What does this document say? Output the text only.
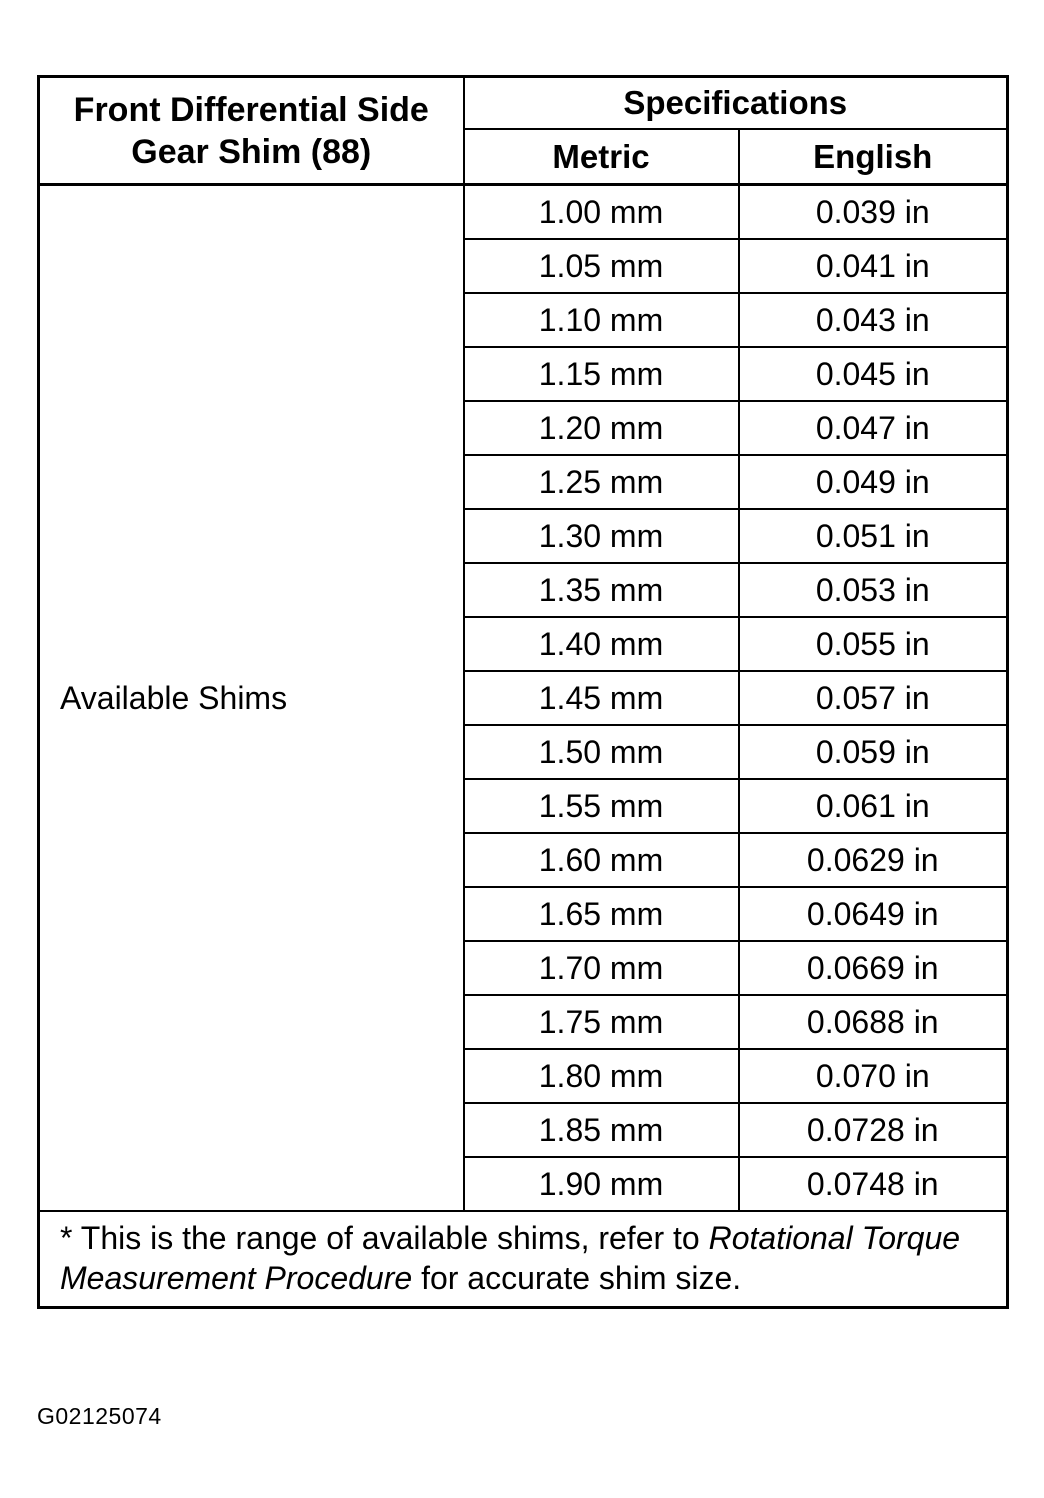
Front Differential Side Gear Shim (88)	Specifications	
	Metric	English
Available Shims	1.00 mm	0.039 in
	1.05 mm	0.041 in
	1.10 mm	0.043 in
	1.15 mm	0.045 in
	1.20 mm	0.047 in
	1.25 mm	0.049 in
	1.30 mm	0.051 in
	1.35 mm	0.053 in
	1.40 mm	0.055 in
	1.45 mm	0.057 in
	1.50 mm	0.059 in
	1.55 mm	0.061 in
	1.60 mm	0.0629 in
	1.65 mm	0.0649 in
	1.70 mm	0.0669 in
	1.75 mm	0.0688 in
	1.80 mm	0.070 in
	1.85 mm	0.0728 in
	1.90 mm	0.0748 in
* This is the range of available shims, refer to Rotational Torque Measurement Procedure for accurate shim size.		
G02125074
